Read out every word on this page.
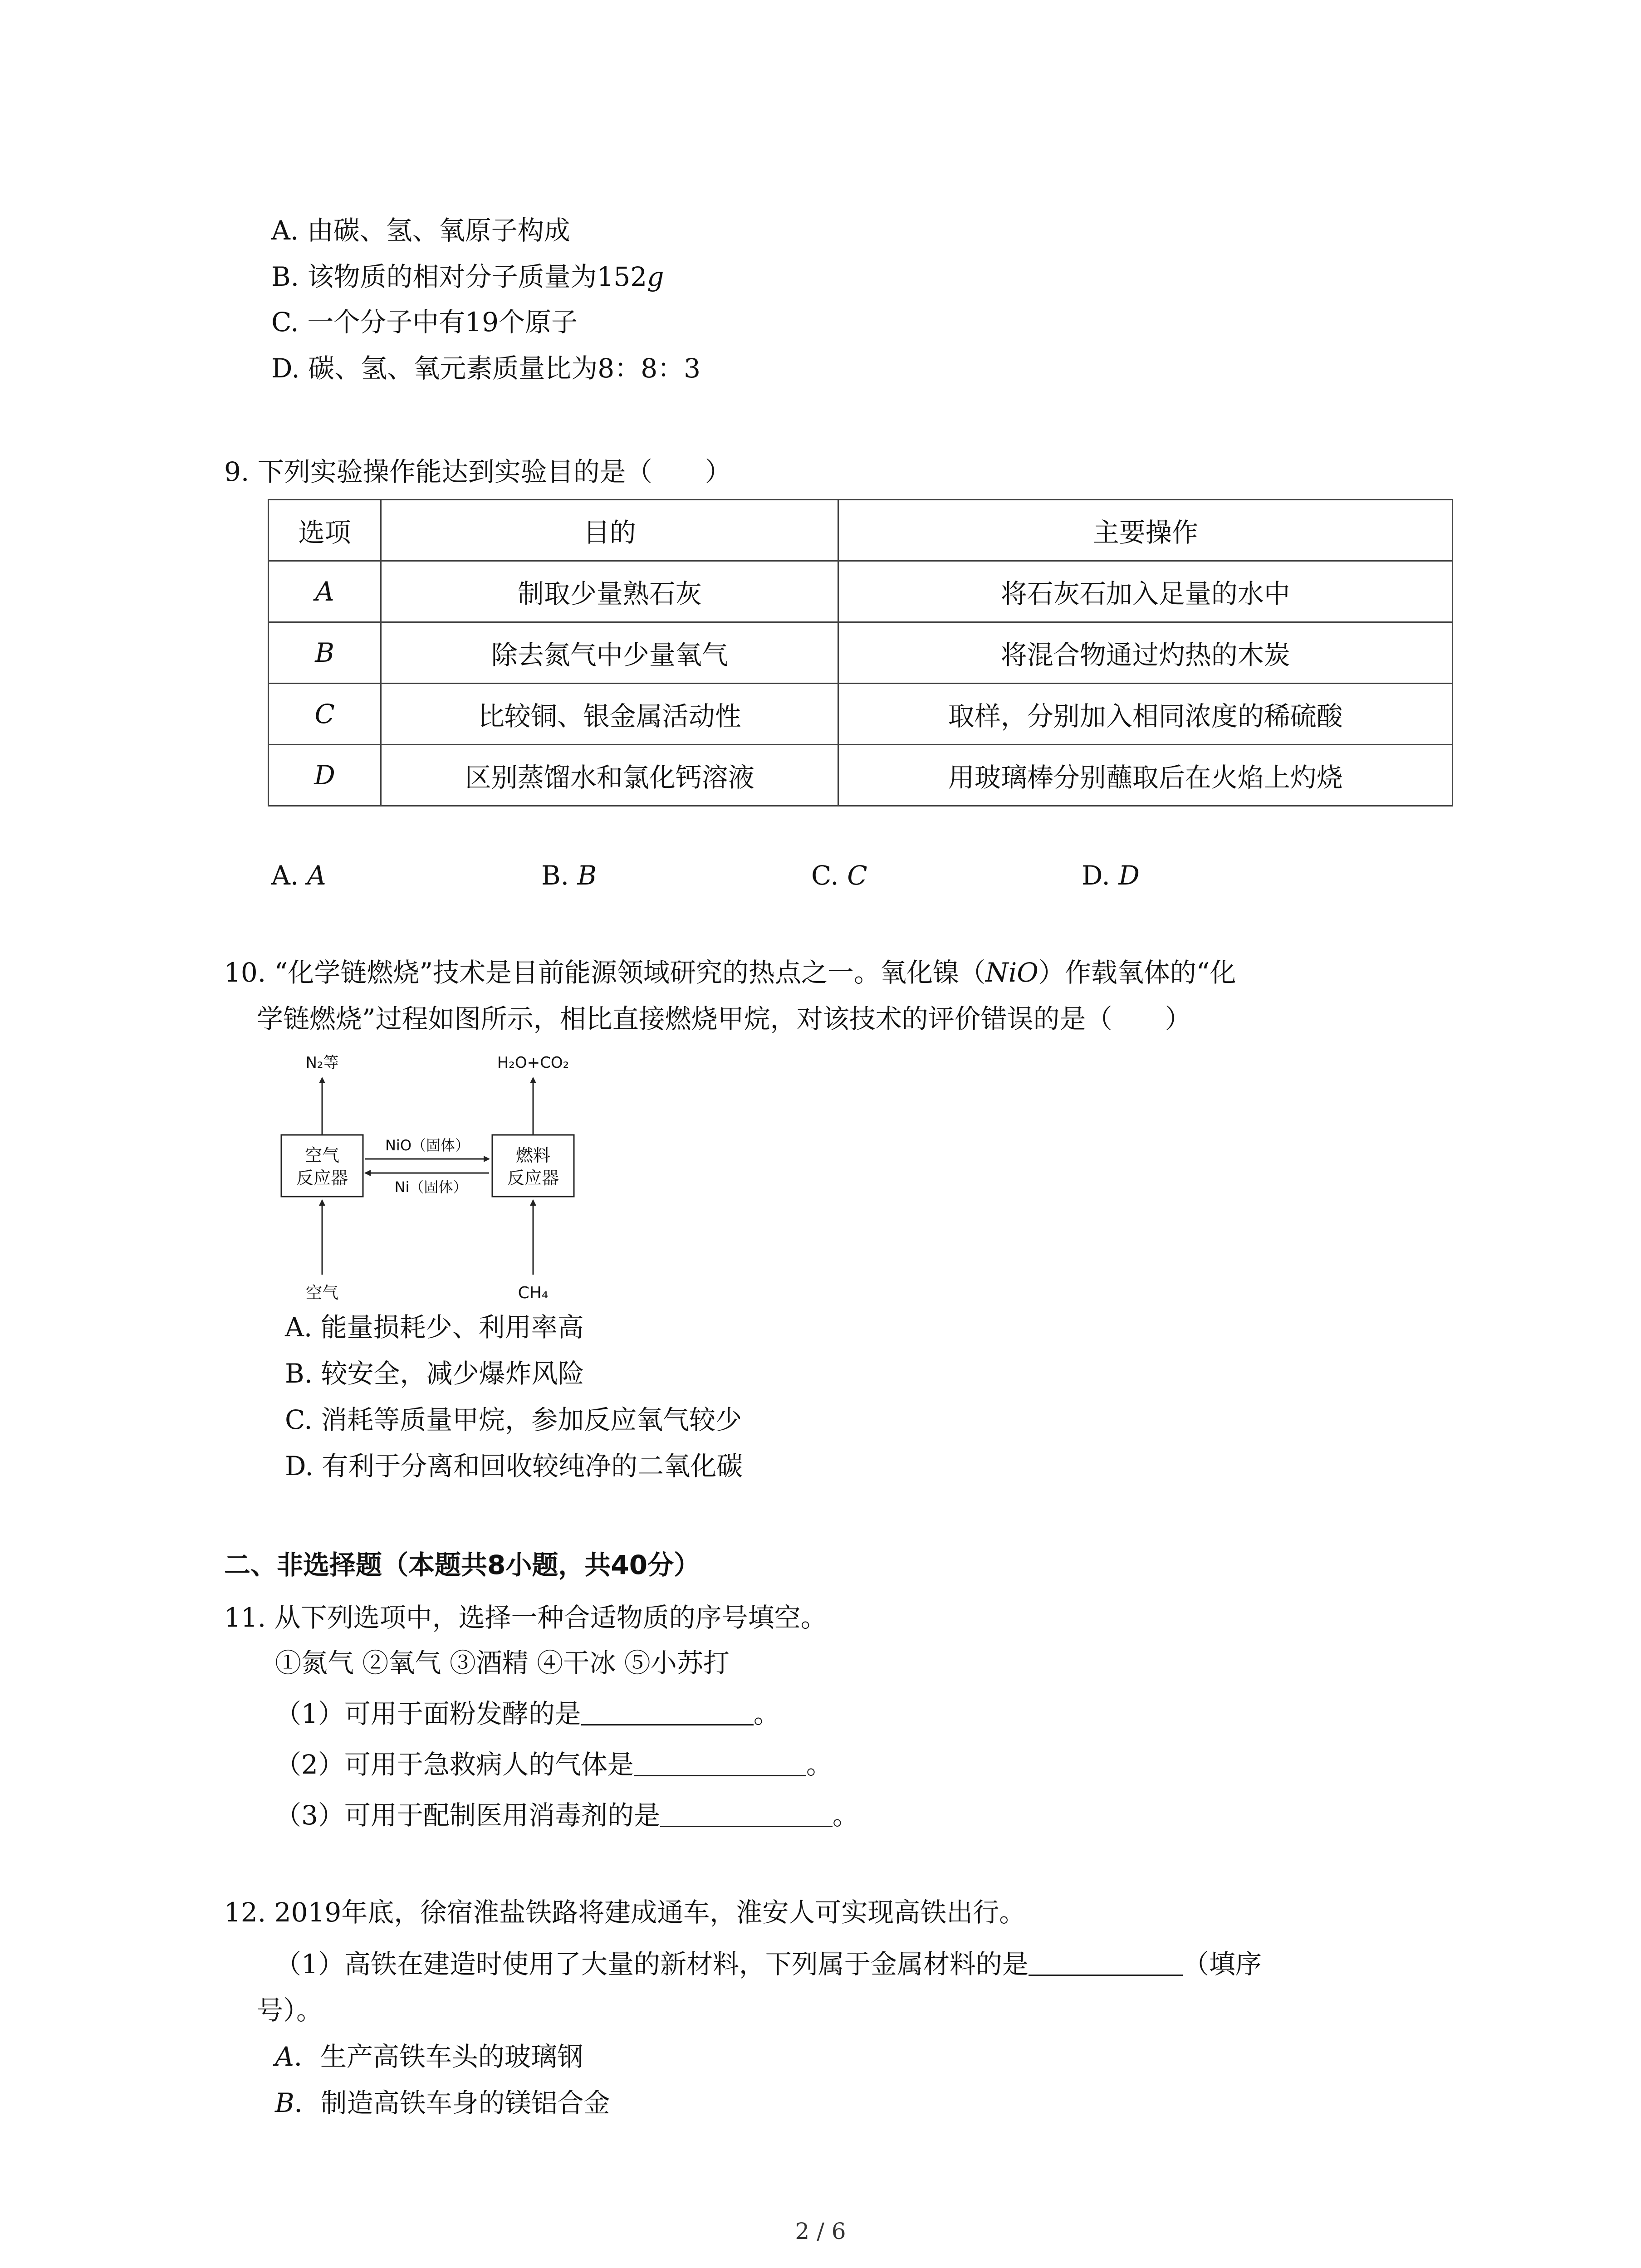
A. 由碳、氢、氧原子构成
B. 该物质的相对分子质量为152g
C. 一个分子中有19个原子
D. 碳、氢、氧元素质量比为8：8：3
9. 下列实验操作能达到实验目的是（　　）
选项	目的	主要操作
A	制取少量熟石灰	将石灰石加入足量的水中
B	除去氮气中少量氧气	将混合物通过灼热的木炭
C	比较铜、银金属活动性	取样，分别加入相同浓度的稀硫酸
D	区别蒸馏水和氯化钙溶液	用玻璃棒分别蘸取后在火焰上灼烧
A. A	B. B	C. C	D. D
10. “化学链燃烧”技术是目前能源领域研究的热点之一。氧化镍（NiO）作载氧体的“化
学链燃烧”过程如图所示，相比直接燃烧甲烷，对该技术的评价错误的是（　　）
N₂等	H₂O+CO₂
空气
反应器
燃料
反应器
NiO（固体）
Ni（固体）
空气	CH₄
A. 能量损耗少、利用率高
B. 较安全，减少爆炸风险
C. 消耗等质量甲烷，参加反应氧气较少
D. 有利于分离和回收较纯净的二氧化碳
二、非选择题（本题共8小题，共40分）
11. 从下列选项中，选择一种合适物质的序号填空。
①氮气 ②氧气 ③酒精 ④干冰 ⑤小苏打
（1）可用于面粉发酵的是	。
（2）可用于急救病人的气体是	。
（3）可用于配制医用消毒剂的是	。
12. 2019年底，徐宿淮盐铁路将建成通车，淮安人可实现高铁出行。
（1）高铁在建造时使用了大量的新材料，下列属于金属材料的是	（填序
号）。
A．生产高铁车头的玻璃钢
B．制造高铁车身的镁铝合金
2 / 6
